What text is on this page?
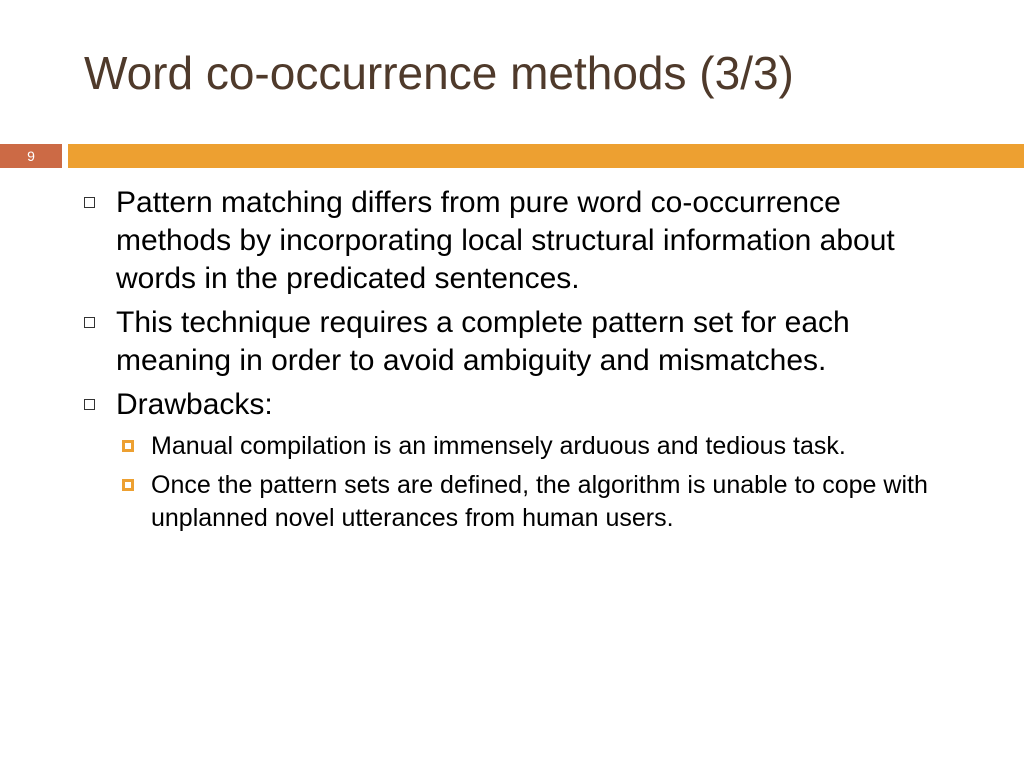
Word co-occurrence methods (3/3)
9
Pattern matching differs from pure word co-occurrence methods by incorporating local structural information about words in the predicated sentences.
This technique requires a complete pattern set for each meaning in order to avoid ambiguity and mismatches.
Drawbacks:
Manual compilation is an immensely arduous and tedious task.
Once the pattern sets are defined, the algorithm is unable to cope with unplanned novel utterances from human users.
